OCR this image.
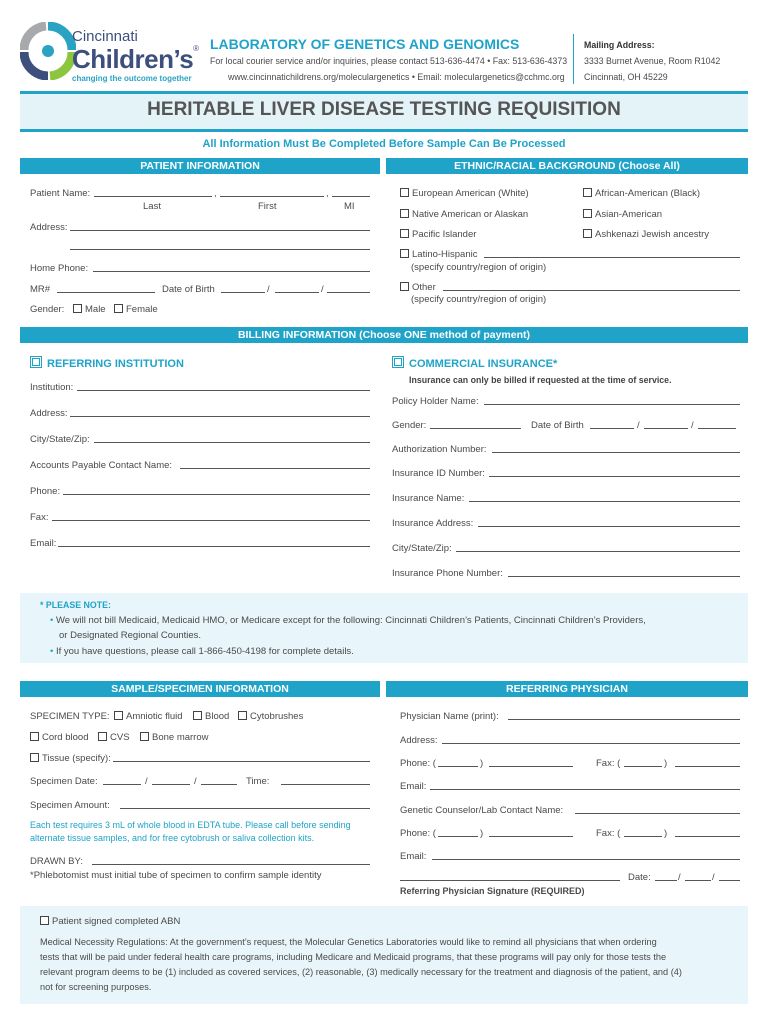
Cincinnati
Children’s®
changing the outcome together
LABORATORY OF GENETICS AND GENOMICS
For local courier service and/or inquiries, please contact 513-636-4474 • Fax: 513-636-4373
www.cincinnatichildrens.org/moleculargenetics • Email: moleculargenetics@cchmc.org
Mailing Address:
3333 Burnet Avenue, Room R1042
Cincinnati, OH 45229
HERITABLE LIVER DISEASE TESTING REQUISITION
All Information Must Be Completed Before Sample Can Be Processed
PATIENT INFORMATION	ETHNIC/RACIAL BACKGROUND (Choose All)
Patient Name:	,	,
Last	First	MI
Address:
Home Phone:
MR#	Date of Birth	/	/
Gender:	Male	Female
European American (White)	African-American (Black)
Native American or Alaskan	Asian-American
Pacific Islander	Ashkenazi Jewish ancestry
Latino-Hispanic
(specify country/region of origin)
Other
(specify country/region of origin)
BILLING INFORMATION (Choose ONE method of payment)
REFERRING INSTITUTION
Institution:
Address:
City/State/Zip:
Accounts Payable Contact Name:
Phone:
Fax:
Email:
COMMERCIAL INSURANCE*
Insurance can only be billed if requested at the time of service.
Policy Holder Name:
Gender:	Date of Birth	/	/
Authorization Number:
Insurance ID Number:
Insurance Name:
Insurance Address:
City/State/Zip:
Insurance Phone Number:
* PLEASE NOTE:
• We will not bill Medicaid, Medicaid HMO, or Medicare except for the following: Cincinnati Children’s Patients, Cincinnati Children’s Providers,
or Designated Regional Counties.
• If you have questions, please call 1-866-450-4198 for complete details.
SAMPLE/SPECIMEN INFORMATION	REFERRING PHYSICIAN
SPECIMEN TYPE:	Amniotic fluid	Blood	Cytobrushes
Cord blood	CVS	Bone marrow
Tissue (specify):
Specimen Date:	/	/	Time:
Specimen Amount:
Each test requires 3 mL of whole blood in EDTA tube. Please call before sending
alternate tissue samples, and for free cytobrush or saliva collection kits.
DRAWN BY:
*Phlebotomist must initial tube of specimen to confirm sample identity
Physician Name (print):
Address:
Phone: (	)	Fax: (	)
Email:
Genetic Counselor/Lab Contact Name:
Phone: (	)	Fax: (	)
Email:
Date:	/	/
Referring Physician Signature (REQUIRED)
Patient signed completed ABN
Medical Necessity Regulations: At the government’s request, the Molecular Genetics Laboratories would like to remind all physicians that when ordering
tests that will be paid under federal health care programs, including Medicare and Medicaid programs, that these programs will pay only for those tests the
relevant program deems to be (1) included as covered services, (2) reasonable, (3) medically necessary for the treatment and diagnosis of the patient, and (4)
not for screening purposes.
